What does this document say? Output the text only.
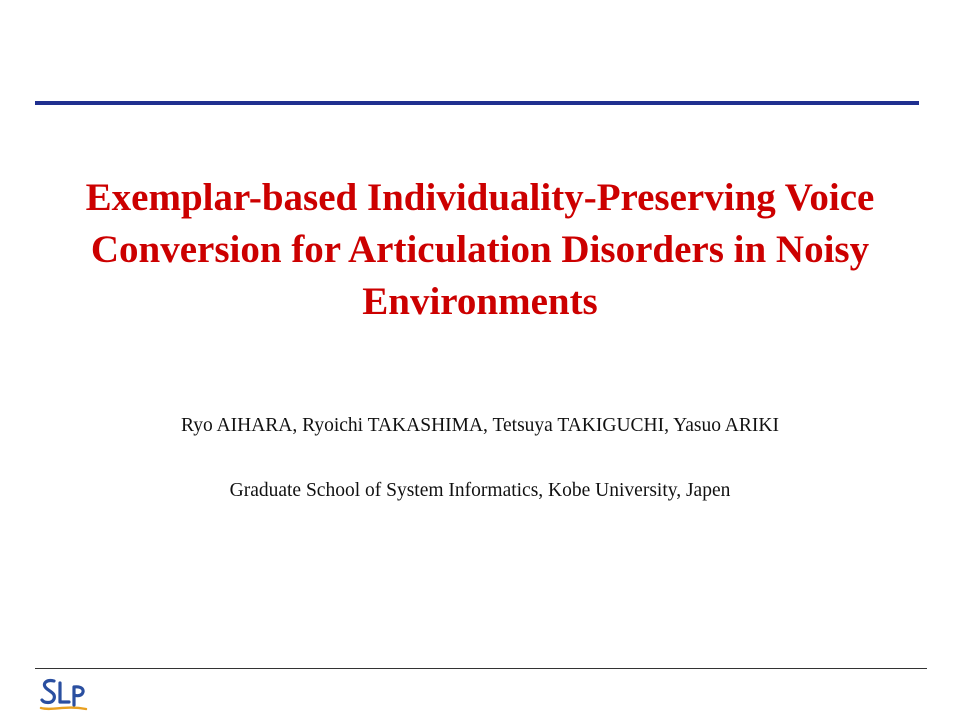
Exemplar-based Individuality-Preserving Voice Conversion for Articulation Disorders in Noisy Environments
Ryo AIHARA, Ryoichi TAKASHIMA, Tetsuya TAKIGUCHI, Yasuo ARIKI
Graduate School of System Informatics, Kobe University, Japen
